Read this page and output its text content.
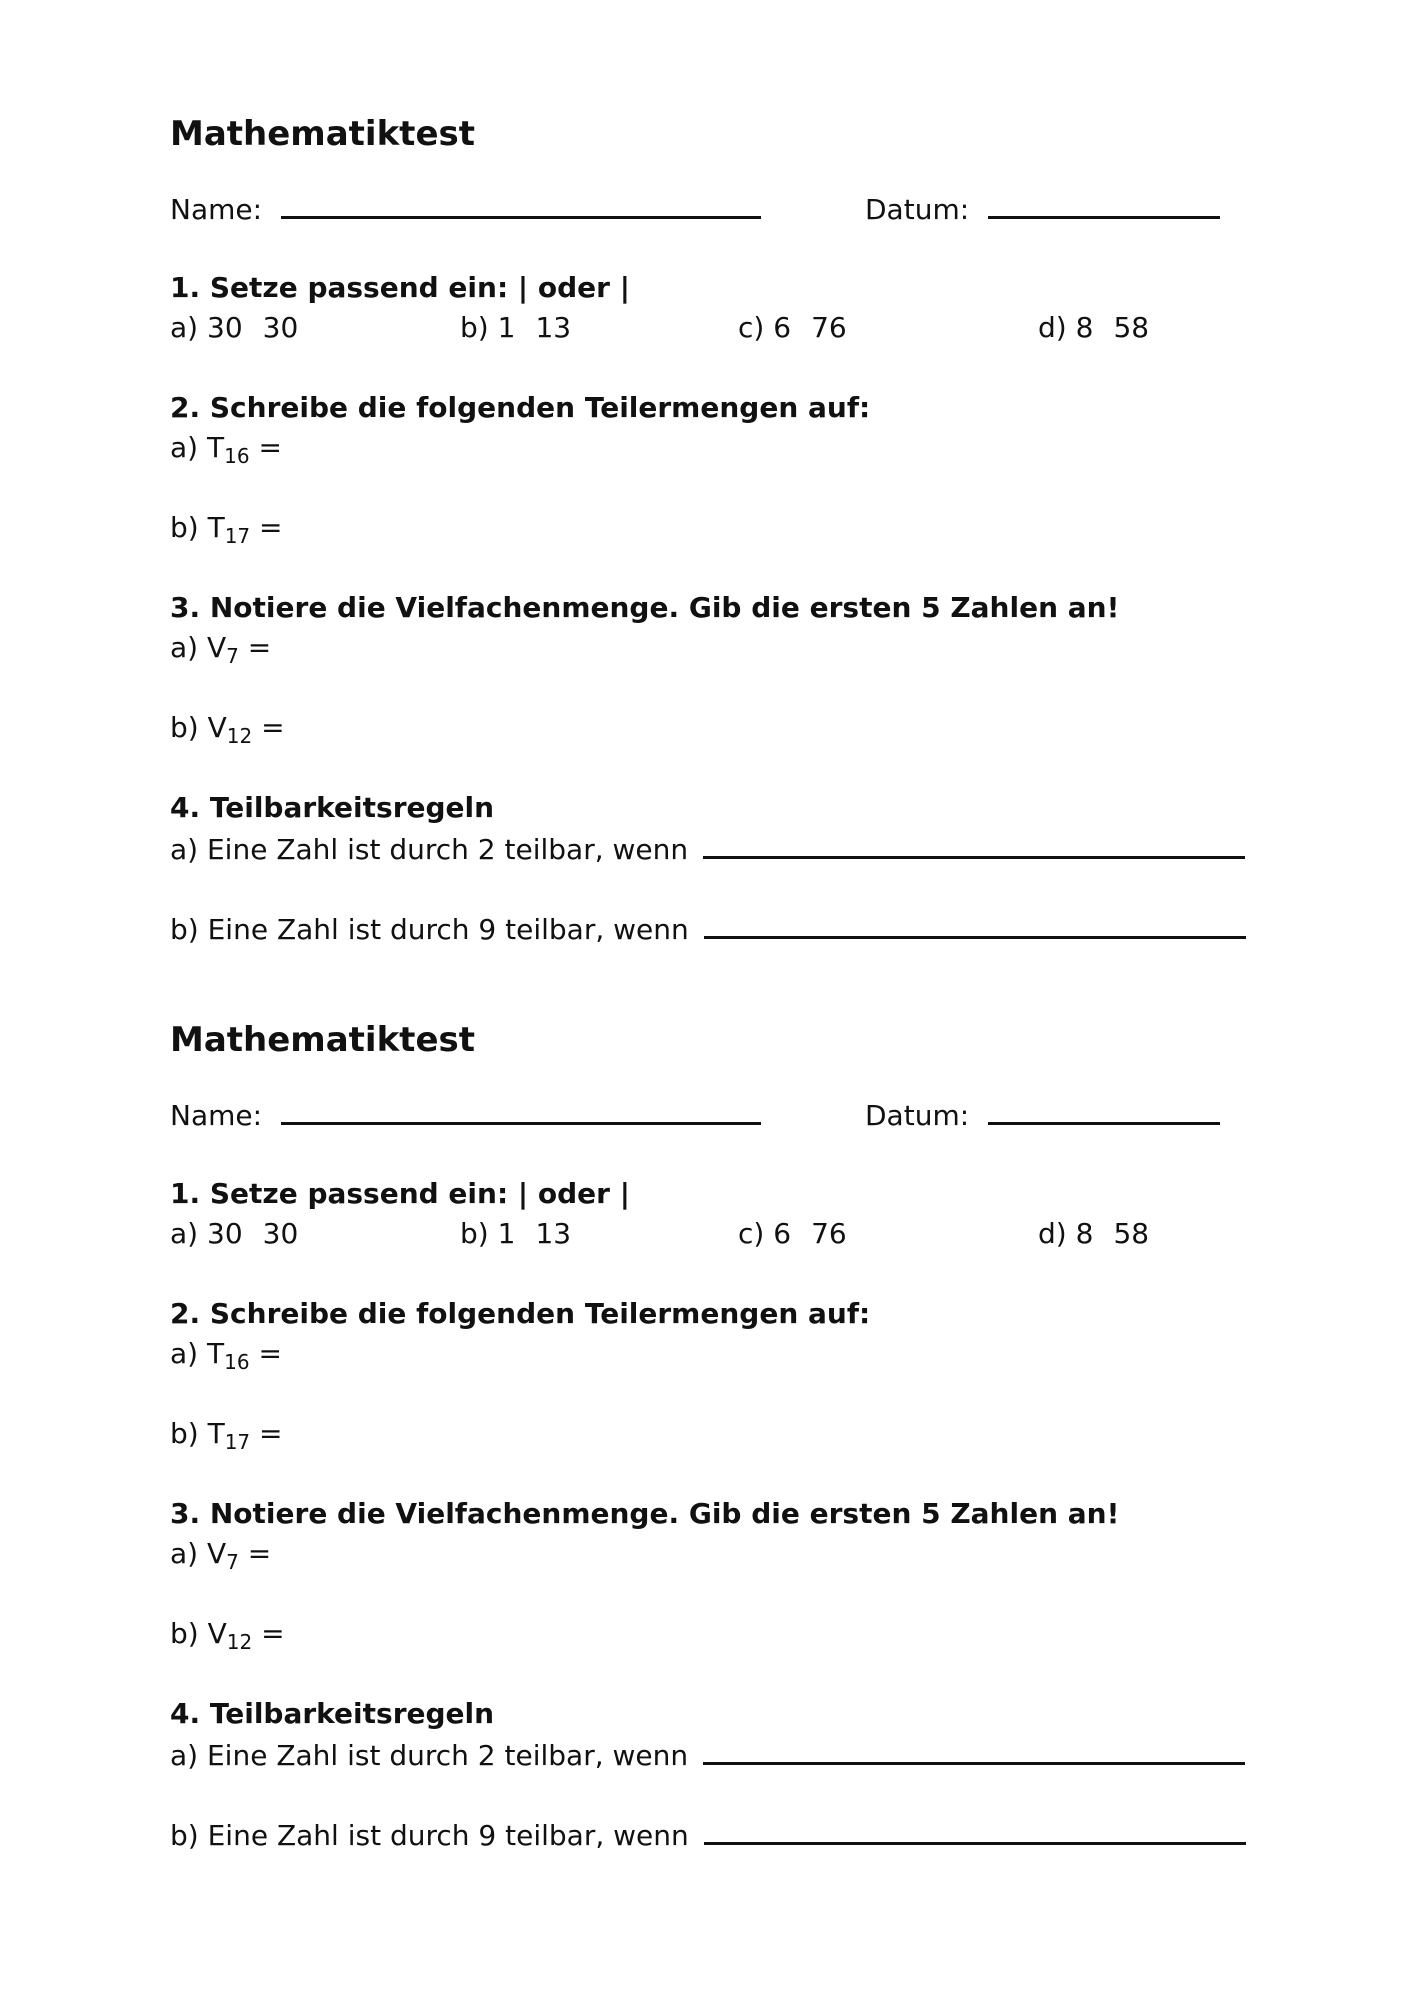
Mathematiktest
Name:	Datum:
1. Setze passend ein: | oder |
a) 30 30	b) 1 13	c) 6 76	d) 8 58
2. Schreibe die folgenden Teilermengen auf:
a) $T_{16}$ =
b) $T_{17}$ =
3. Notiere die Vielfachenmenge. Gib die ersten 5 Zahlen an!
a) $V_7$ =
b) $V_{12}$ =
4. Teilbarkeitsregeln
a) Eine Zahl ist durch 2 teilbar, wenn
b) Eine Zahl ist durch 9 teilbar, wenn
Mathematiktest
Name:	Datum:
1. Setze passend ein: | oder |
a) 30 30	b) 1 13	c) 6 76	d) 8 58
2. Schreibe die folgenden Teilermengen auf:
a) $T_{16}$ =
b) $T_{17}$ =
3. Notiere die Vielfachenmenge. Gib die ersten 5 Zahlen an!
a) $V_7$ =
b) $V_{12}$ =
4. Teilbarkeitsregeln
a) Eine Zahl ist durch 2 teilbar, wenn
b) Eine Zahl ist durch 9 teilbar, wenn
